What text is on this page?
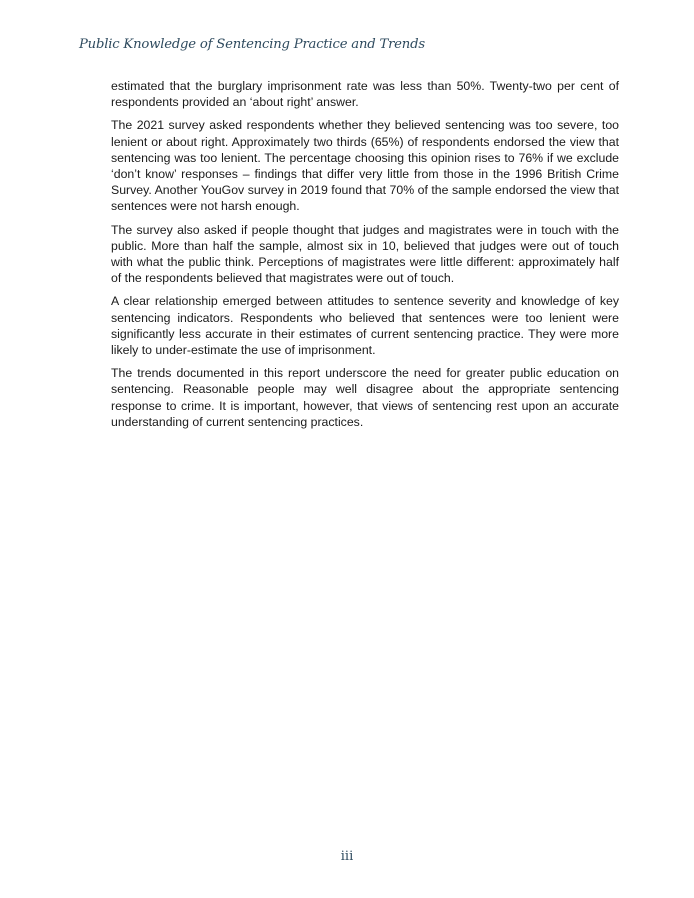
Public Knowledge of Sentencing Practice and Trends

estimated that the burglary imprisonment rate was less than 50%. Twenty-two per cent of respondents provided an ‘about right’ answer.

The 2021 survey asked respondents whether they believed sentencing was too severe, too lenient or about right. Approximately two thirds (65%) of respondents endorsed the view that sentencing was too lenient. The percentage choosing this opinion rises to 76% if we exclude ‘don’t know’ responses – findings that differ very little from those in the 1996 British Crime Survey. Another YouGov survey in 2019 found that 70% of the sample endorsed the view that sentences were not harsh enough.

The survey also asked if people thought that judges and magistrates were in touch with the public. More than half the sample, almost six in 10, believed that judges were out of touch with what the public think. Perceptions of magistrates were little different: approximately half of the respondents believed that magistrates were out of touch.

A clear relationship emerged between attitudes to sentence severity and knowledge of key sentencing indicators. Respondents who believed that sentences were too lenient were significantly less accurate in their estimates of current sentencing practice. They were more likely to under-estimate the use of imprisonment.

The trends documented in this report underscore the need for greater public education on sentencing. Reasonable people may well disagree about the appropriate sentencing response to crime. It is important, however, that views of sentencing rest upon an accurate understanding of current sentencing practices.

iii
